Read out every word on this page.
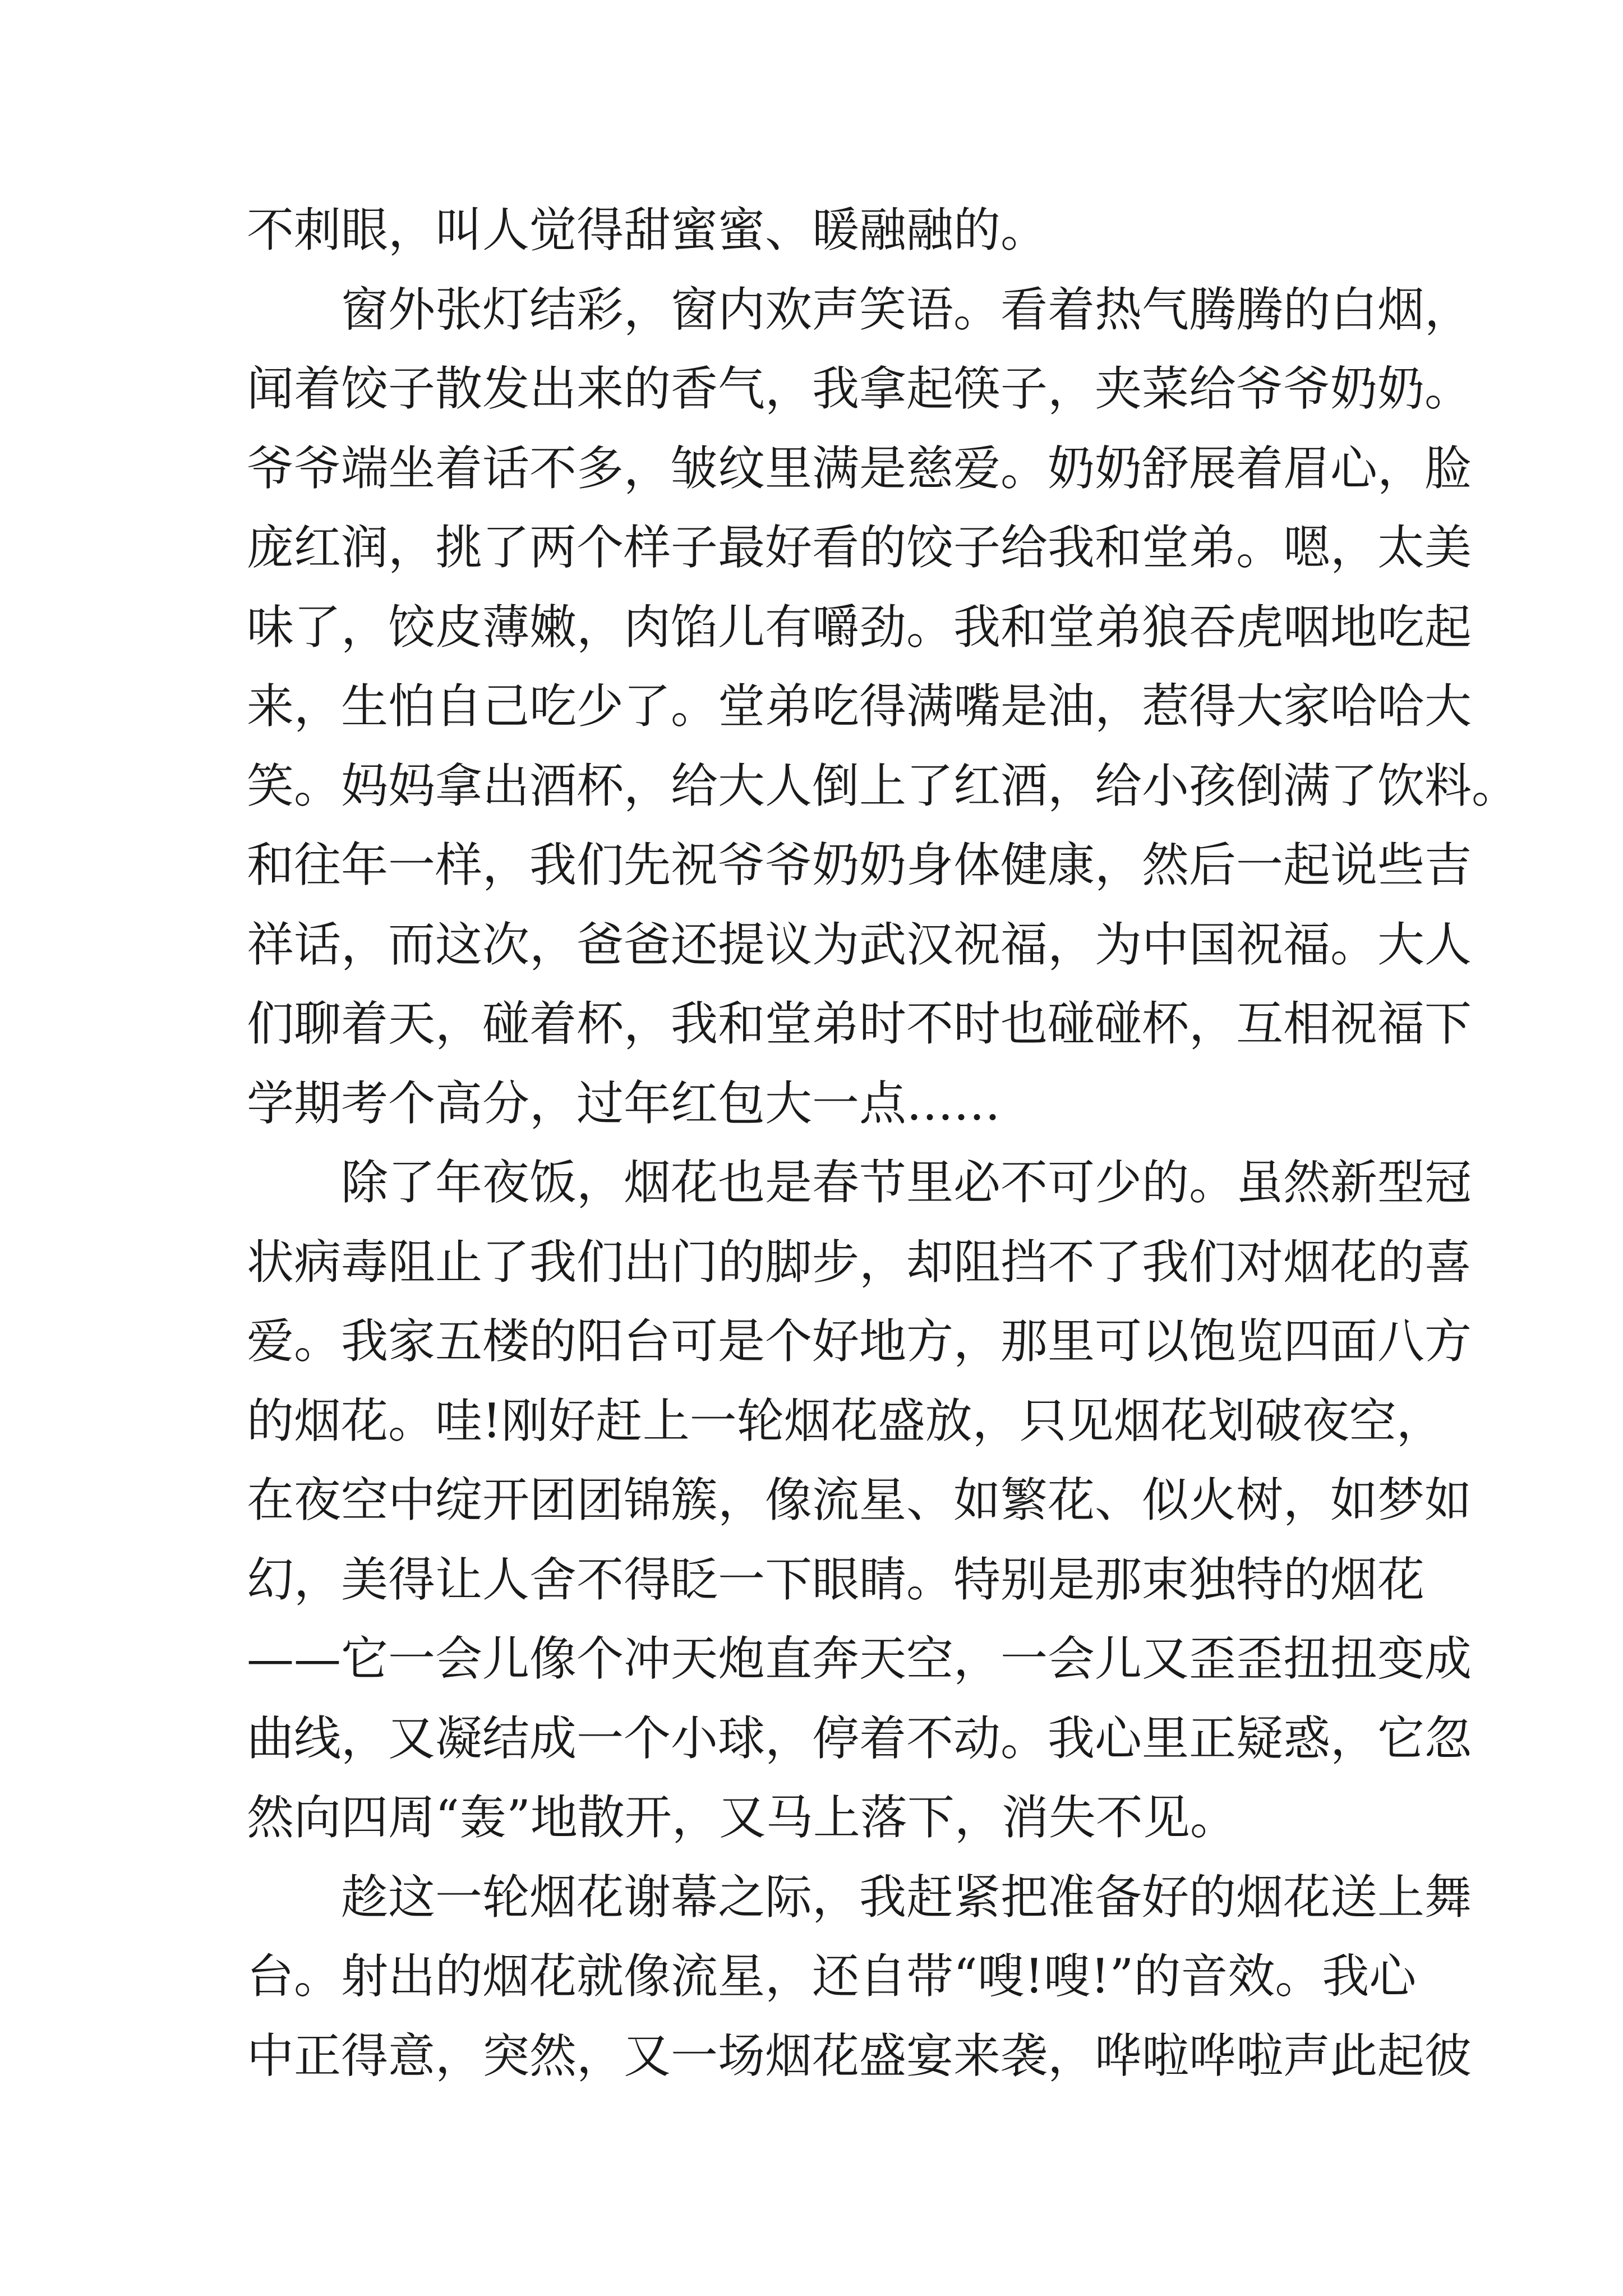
不刺眼，叫人觉得甜蜜蜜、暖融融的。
　　窗外张灯结彩，窗内欢声笑语。看着热气腾腾的白烟，
闻着饺子散发出来的香气，我拿起筷子，夹菜给爷爷奶奶。
爷爷端坐着话不多，皱纹里满是慈爱。奶奶舒展着眉心，脸
庞红润，挑了两个样子最好看的饺子给我和堂弟。嗯，太美
味了，饺皮薄嫩，肉馅儿有嚼劲。我和堂弟狼吞虎咽地吃起
来，生怕自己吃少了。堂弟吃得满嘴是油，惹得大家哈哈大
笑。妈妈拿出酒杯，给大人倒上了红酒，给小孩倒满了饮料。
和往年一样，我们先祝爷爷奶奶身体健康，然后一起说些吉
祥话，而这次，爸爸还提议为武汉祝福，为中国祝福。大人
们聊着天，碰着杯，我和堂弟时不时也碰碰杯，互相祝福下
学期考个高分，过年红包大一点……
　　除了年夜饭，烟花也是春节里必不可少的。虽然新型冠
状病毒阻止了我们出门的脚步，却阻挡不了我们对烟花的喜
爱。我家五楼的阳台可是个好地方，那里可以饱览四面八方
的烟花。哇!刚好赶上一轮烟花盛放，只见烟花划破夜空，
在夜空中绽开团团锦簇，像流星、如繁花、似火树，如梦如
幻，美得让人舍不得眨一下眼睛。特别是那束独特的烟花
——它一会儿像个冲天炮直奔天空，一会儿又歪歪扭扭变成
曲线，又凝结成一个小球，停着不动。我心里正疑惑，它忽
然向四周“轰”地散开，又马上落下，消失不见。
　　趁这一轮烟花谢幕之际，我赶紧把准备好的烟花送上舞
台。射出的烟花就像流星，还自带“嗖!嗖!”的音效。我心
中正得意，突然，又一场烟花盛宴来袭，哗啦哗啦声此起彼
